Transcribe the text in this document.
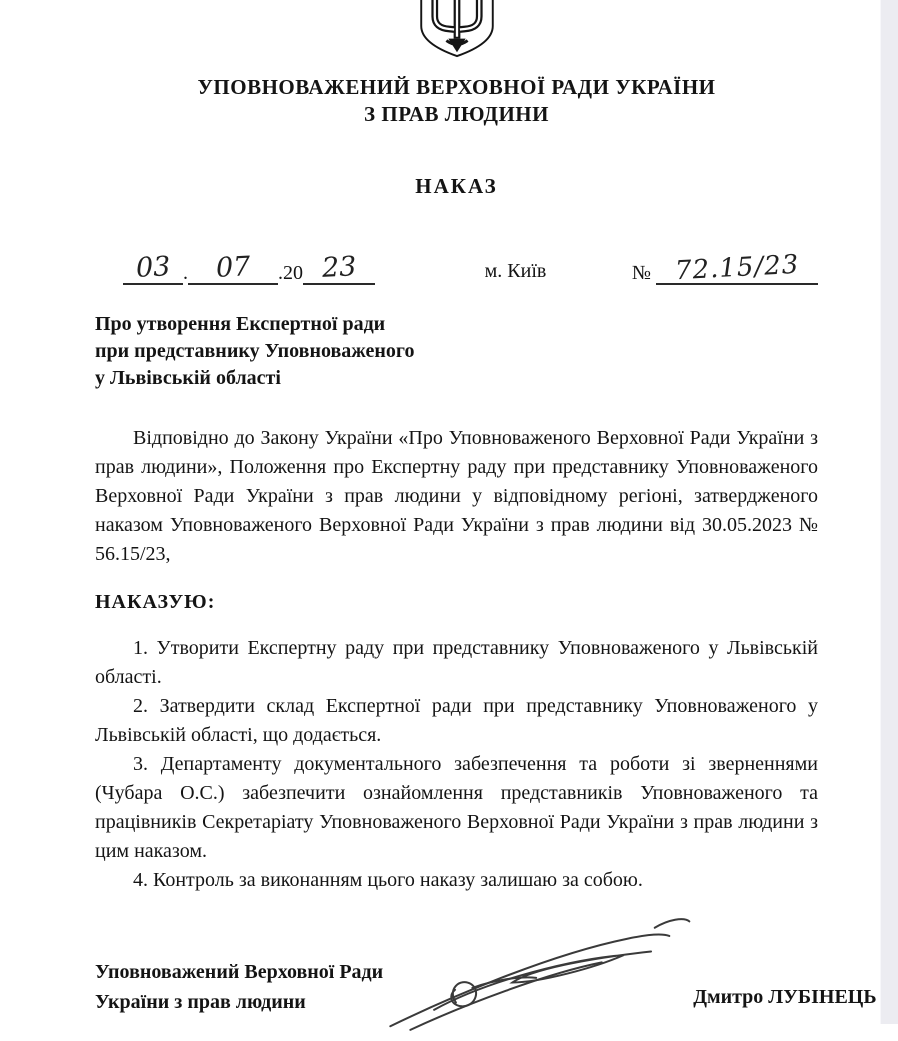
УПОВНОВАЖЕНИЙ ВЕРХОВНОЇ РАДИ УКРАЇНИ
З ПРАВ ЛЮДИНИ
НАКАЗ
03 . 07 .20 23	м. Київ	№ 72.15/23
Про утворення Експертної ради
при представнику Уповноваженого
у Львівській області

Відповідно до Закону України «Про Уповноваженого Верховної Ради України з прав людини», Положення про Експертну раду при представнику Уповноваженого Верховної Ради України з прав людини у відповідному регіоні, затвердженого наказом Уповноваженого Верховної Ради України з прав людини від 30.05.2023 № 56.15/23,

НАКАЗУЮ:

1. Утворити Експертну раду при представнику Уповноваженого у Львівській області.

2. Затвердити склад Експертної ради при представнику Уповноваженого у Львівській області, що додається.

3. Департаменту документального забезпечення та роботи зі зверненнями (Чубара О.С.) забезпечити ознайомлення представників Уповноваженого та працівників Секретаріату Уповноваженого Верховної Ради України з прав людини з цим наказом.

4. Контроль за виконанням цього наказу залишаю за собою.

Уповноважений Верховної Ради
України з прав людини	Дмитро ЛУБІНЕЦЬ
